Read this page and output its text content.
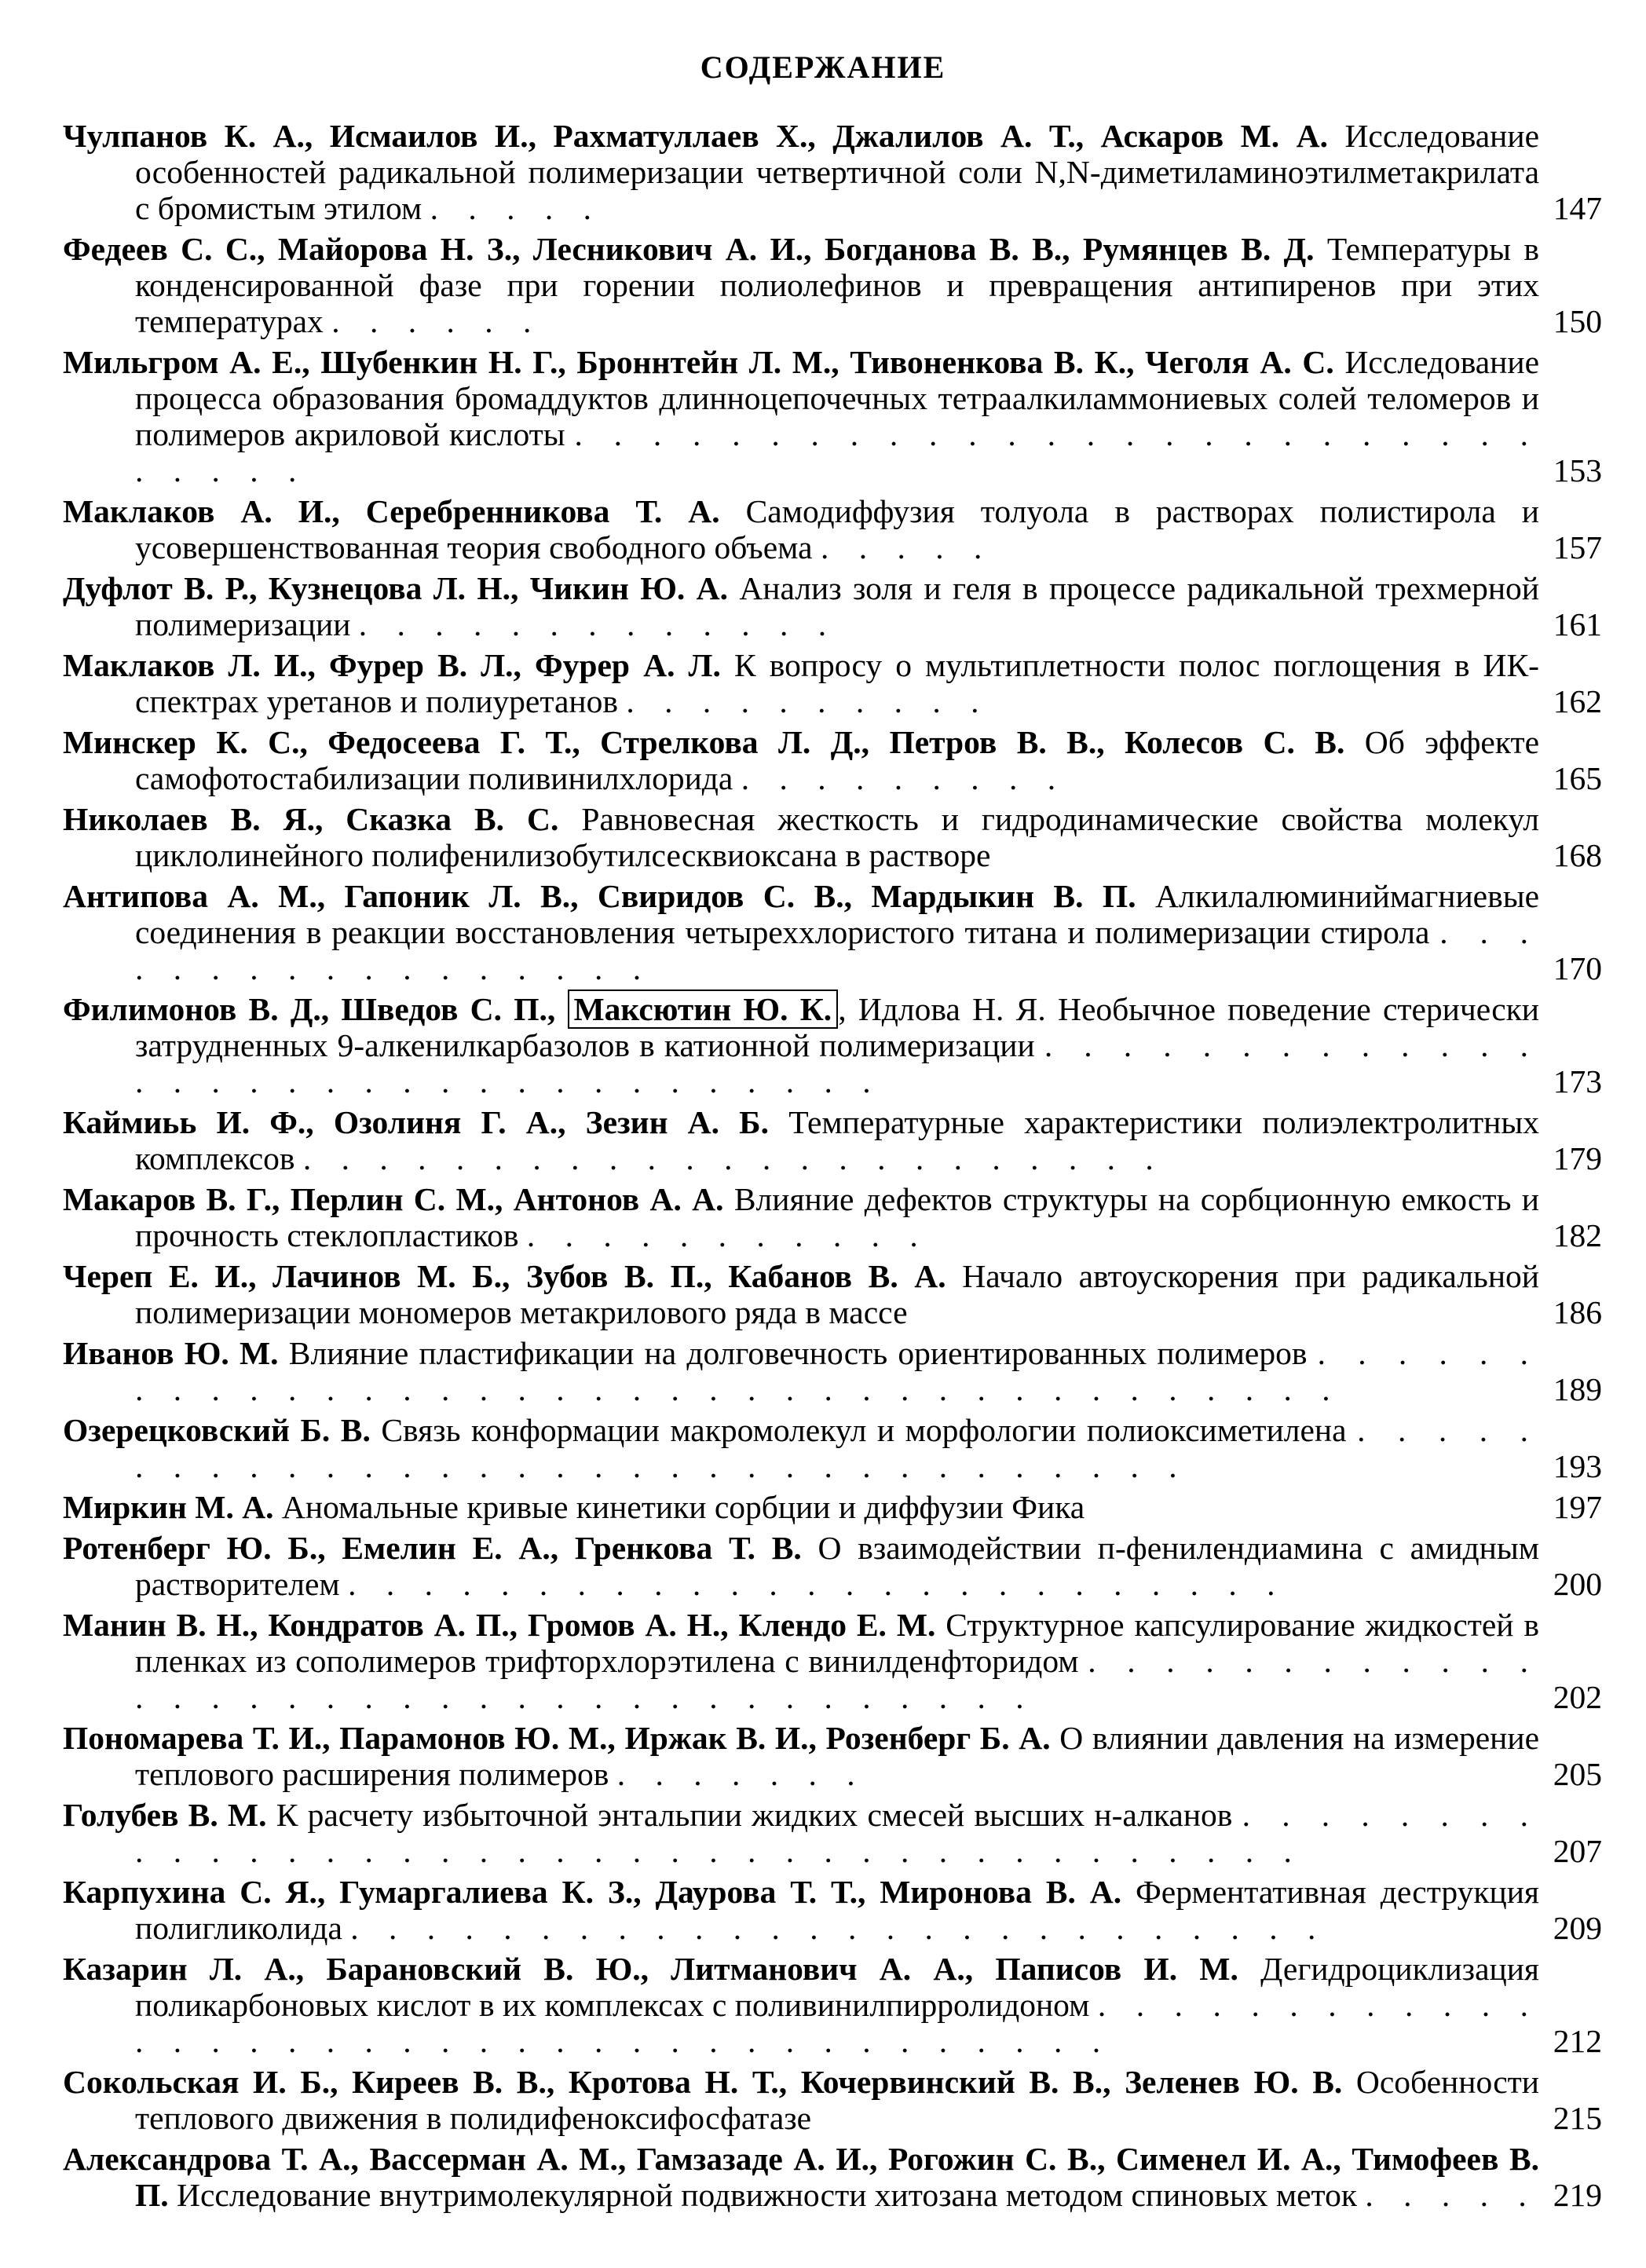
СОДЕРЖАНИЕ
Чулпанов К. А., Исмаилов И., Рахматуллаев Х., Джалилов А. Т., Аскаров М. А. Исследование особенностей радикальной полимеризации четвертичной соли N,N-диметиламиноэтилметакрилата с бромистым этилом . . . . .	147
Федеев С. С., Майорова Н. З., Лесникович А. И., Богданова В. В., Румянцев В. Д. Температуры в конденсированной фазе при горении полиолефинов и превращения антипиренов при этих температурах . . . . . .	150
Мильгром А. Е., Шубенкин Н. Г., Броннтейн Л. М., Тивоненкова В. К., Чеголя А. С. Исследование процесса образования бромаддуктов длинноцепочечных тетраалкиламмониевых солей теломеров и полимеров акриловой кислоты . . . . . . . . . . . . . . . . . . . . . . . . . . . . . .	153
Маклаков А. И., Серебренникова Т. А. Самодиффузия толуола в растворах полистирола и усовершенствованная теория свободного объема . . . . .	157
Дуфлот В. Р., Кузнецова Л. Н., Чикин Ю. А. Анализ золя и геля в процессе радикальной трехмерной полимеризации . . . . . . . . . . . . .	161
Маклаков Л. И., Фурер В. Л., Фурер А. Л. К вопросу о мультиплетности полос поглощения в ИК-спектрах уретанов и полиуретанов . . . . . . . . . .	162
Минскер К. С., Федосеева Г. Т., Стрелкова Л. Д., Петров В. В., Колесов С. В. Об эффекте самофотостабилизации поливинилхлорида . . . . . . . . .	165
Николаев В. Я., Сказка В. С. Равновесная жесткость и гидродинамические свойства молекул циклолинейного полифенилизобутилсесквиоксана в растворе	168
Антипова А. М., Гапоник Л. В., Свиридов С. В., Мардыкин В. П. Алкилалюминиймагниевые соединения в реакции восстановления четыреххлористого титана и полимеризации стирола . . . . . . . . . . . . . . . . .	170
Филимонов В. Д., Шведов С. П., Максютин Ю. К. , Идлова Н. Я. Необычное поведение стерически затрудненных 9-алкенилкарбазолов в катионной полимеризации . . . . . . . . . . . . . . . . . . . . . . . . . . . . . . . . .	173
Каймиьь И. Ф., Озолиня Г. А., Зезин А. Б. Температурные характеристики полиэлектролитных комплексов . . . . . . . . . . . . . . . . . . . . . . .	179
Макаров В. Г., Перлин С. М., Антонов А. А. Влияние дефектов структуры на сорбционную емкость и прочность стеклопластиков . . . . . . . . . . .	182
Череп Е. И., Лачинов М. Б., Зубов В. П., Кабанов В. А. Начало автоускорения при радикальной полимеризации мономеров метакрилового ряда в массе	186
Иванов Ю. М. Влияние пластификации на долговечность ориентированных полимеров . . . . . . . . . . . . . . . . . . . . . . . . . . . . . . . . . . . . . .	189
Озерецковский Б. В. Связь конформации макромолекул и морфологии полиоксиметилена . . . . . . . . . . . . . . . . . . . . . . . . . . . . . . . . .	193
Миркин М. А. Аномальные кривые кинетики сорбции и диффузии Фика	197
Ротенберг Ю. Б., Емелин Е. А., Гренкова Т. В. О взаимодействии п-фенилендиамина с амидным растворителем . . . . . . . . . . . . . . . . . . . . . . . . .	200
Манин В. Н., Кондратов А. П., Громов А. Н., Клендо Е. М. Структурное капсулирование жидкостей в пленках из сополимеров трифторхлорэтилена с винилденфторидом . . . . . . . . . . . . . . . . . . . . . . . . . . . . . . . . . . . .	202
Пономарева Т. И., Парамонов Ю. М., Иржак В. И., Розенберг Б. А. О влиянии давления на измерение теплового расширения полимеров . . . . . . .	205
Голубев В. М. К расчету избыточной энтальпии жидких смесей высших н-алканов . . . . . . . . . . . . . . . . . . . . . . . . . . . . . . . . . . . . . . .	207
Карпухина С. Я., Гумаргалиева К. З., Даурова Т. Т., Миронова В. А. Ферментативная деструкция полигликолида . . . . . . . . . . . . . . . . . . . . . . . . . .	209
Казарин Л. А., Барановский В. Ю., Литманович А. А., Паписов И. М. Дегидроциклизация поликарбоновых кислот в их комплексах с поливинилпирролидоном . . . . . . . . . . . . . . . . . . . . . . . . . . . . . . . . . . . . . .	212
Сокольская И. Б., Киреев В. В., Кротова Н. Т., Кочервинский В. В., Зеленев Ю. В. Особенности теплового движения в полидифеноксифосфатазе	215
Александрова Т. А., Вассерман А. М., Гамзазаде А. И., Рогожин С. В., Сименел И. А., Тимофеев В. П. Исследование внутримолекулярной подвижности хитозана методом спиновых меток . . . . . 219
